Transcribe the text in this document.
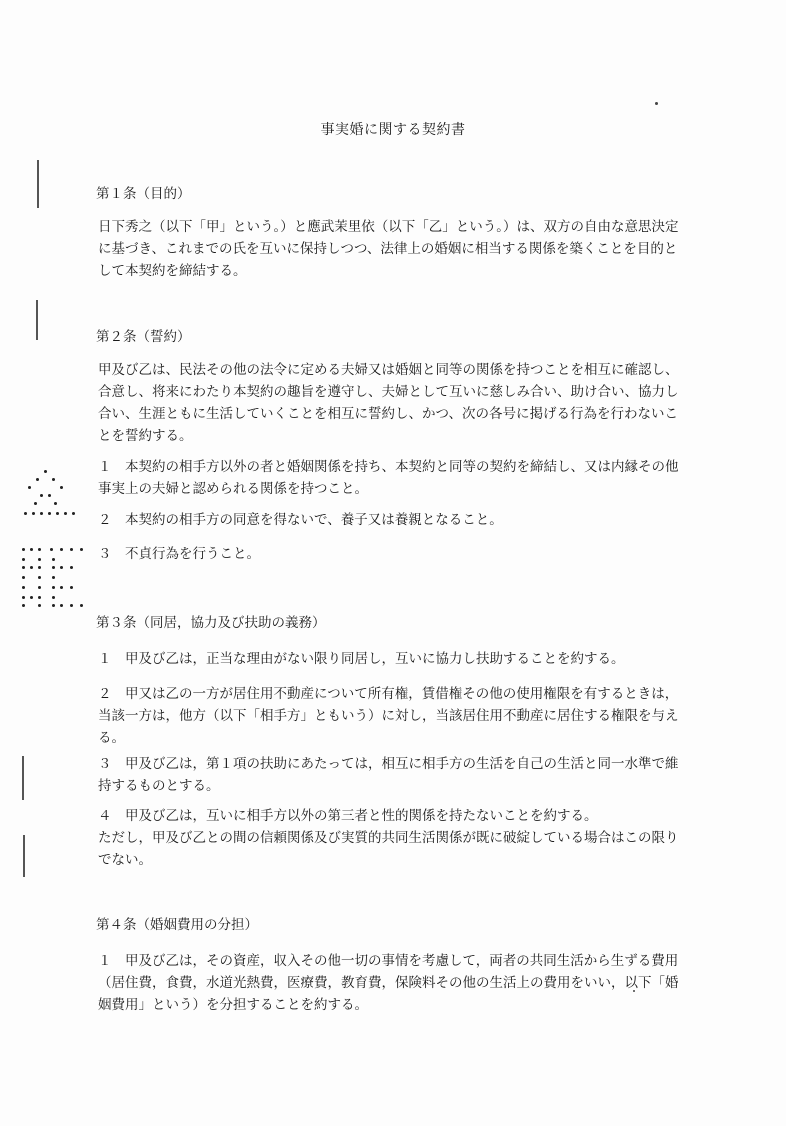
事実婚に関する契約書
第１条（目的）
日下秀之（以下「甲」という。）と應武茉里依（以下「乙」という。）は、双方の自由な意思決定に基づき、これまでの氏を互いに保持しつつ、法律上の婚姻に相当する関係を築くことを目的として本契約を締結する。
第２条（誓約）
甲及び乙は、民法その他の法令に定める夫婦又は婚姻と同等の関係を持つことを相互に確認し、合意し、将来にわたり本契約の趣旨を遵守し、夫婦として互いに慈しみ合い、助け合い、協力し合い、生涯ともに生活していくことを相互に誓約し、かつ、次の各号に掲げる行為を行わないことを誓約する。
１ 本契約の相手方以外の者と婚姻関係を持ち、本契約と同等の契約を締結し、又は内縁その他事実上の夫婦と認められる関係を持つこと。
２ 本契約の相手方の同意を得ないで、養子又は養親となること。
３ 不貞行為を行うこと。
第３条（同居，協力及び扶助の義務）
１ 甲及び乙は，正当な理由がない限り同居し，互いに協力し扶助することを約する。
２ 甲又は乙の一方が居住用不動産について所有権，賃借権その他の使用権限を有するときは，当該一方は，他方（以下「相手方」ともいう）に対し，当該居住用不動産に居住する権限を与える。
３ 甲及び乙は，第１項の扶助にあたっては，相互に相手方の生活を自己の生活と同一水準で維持するものとする。
４ 甲及び乙は，互いに相手方以外の第三者と性的関係を持たないことを約する。
ただし，甲及び乙との間の信頼関係及び実質的共同生活関係が既に破綻している場合はこの限りでない。
第４条（婚姻費用の分担）
１ 甲及び乙は，その資産，収入その他一切の事情を考慮して，両者の共同生活から生ずる費用（居住費，食費，水道光熱費，医療費，教育費，保険料その他の生活上の費用をいい，以下「婚姻費用」という）を分担することを約する。
